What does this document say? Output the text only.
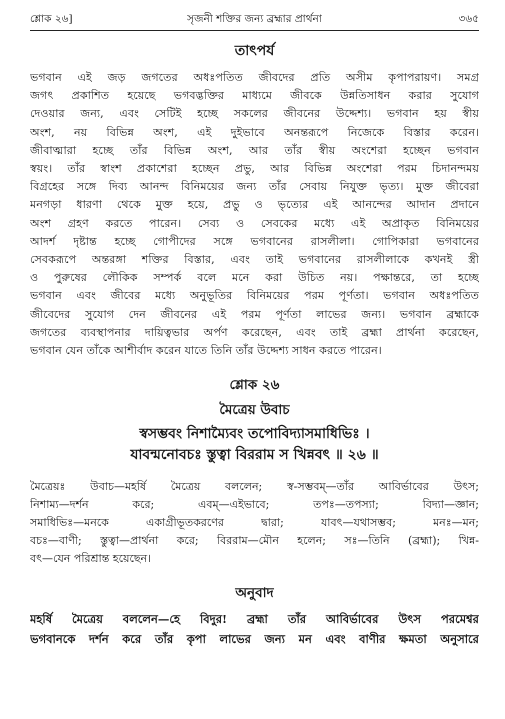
শ্লোক ২৬]	সৃজনী শক্তির জন্য ব্রহ্মার প্রার্থনা	৩৬৫
তাৎপর্য
ভগবান এই জড় জগতের অধঃপতিত জীবদের প্রতি অসীম কৃপাপরায়ণ। সমগ্র
জগৎ প্রকাশিত হয়েছে ভগবদ্ভক্তির মাধ্যমে জীবকে উন্নতিসাধন করার সুযোগ
দেওয়ার জন্য, এবং সেটিই হচ্ছে সকলের জীবনের উদ্দেশ্য। ভগবান হয় স্বীয়
অংশ, নয় বিভিন্ন অংশ, এই দুইভাবে অনন্তরূপে নিজেকে বিস্তার করেন।
জীবাত্মারা হচ্ছে তাঁর বিভিন্ন অংশ, আর তাঁর স্বীয় অংশেরা হচ্ছেন ভগবান
স্বয়ং। তাঁর স্বাংশ প্রকাশেরা হচ্ছেন প্রভু, আর বিভিন্ন অংশেরা পরম চিদানন্দময়
বিগ্রহের সঙ্গে দিব্য আনন্দ বিনিময়ের জন্য তাঁর সেবায় নিযুক্ত ভৃত্য। মুক্ত জীবেরা
মনগড়া ধারণা থেকে মুক্ত হয়ে, প্রভু ও ভৃত্যের এই আনন্দের আদান প্রদানে
অংশ গ্রহণ করতে পারেন। সেব্য ও সেবকের মধ্যে এই অপ্রাকৃত বিনিময়ের
আদর্শ দৃষ্টান্ত হচ্ছে গোপীদের সঙ্গে ভগবানের রাসলীলা। গোপিকারা ভগবানের
সেবকরূপে অন্তরঙ্গা শক্তির বিস্তার, এবং তাই ভগবানের রাসলীলাকে কখনই স্ত্রী
ও পুরুষের লৌকিক সম্পর্ক বলে মনে করা উচিত নয়। পক্ষান্তরে, তা হচ্ছে
ভগবান এবং জীবের মধ্যে অনুভূতির বিনিময়ের পরম পূর্ণতা। ভগবান অধঃপতিত
জীবেদের সুযোগ দেন জীবনের এই পরম পূর্ণতা লাভের জন্য। ভগবান ব্রহ্মাকে
জগতের ব্যবস্থাপনার দায়িত্বভার অর্পণ করেছেন, এবং তাই ব্রহ্মা প্রার্থনা করেছেন,
ভগবান যেন তাঁকে আশীর্বাদ করেন যাতে তিনি তাঁর উদ্দেশ্য সাধন করতে পারেন।
শ্লোক ২৬
মৈত্রেয় উবাচ
স্বসম্ভবং নিশাম্যৈবং তপোবিদ্যাসমাধিভিঃ ।
যাবন্মনোবচঃ স্তুত্বা বিররাম স খিন্নবৎ ॥ ২৬ ॥
মৈত্রেয়ঃ উবাচ—মহর্ষি মৈত্রেয় বললেন; স্ব-সম্ভবম্—তাঁর আবির্ভাবের উৎস;
নিশাম্য—দর্শন করে; এবম্—এইভাবে; তপঃ—তপস্যা; বিদ্যা—জ্ঞান;
সমাধিভিঃ—মনকে একাগ্রীভূতকরণের দ্বারা; যাবৎ—যথাসম্ভব; মনঃ—মন;
বচঃ—বাণী; স্তুত্বা—প্রার্থনা করে; বিররাম—মৌন হলেন; সঃ—তিনি (ব্রহ্মা); খিন্ন-
বৎ—যেন পরিশ্রান্ত হয়েছেন।
অনুবাদ
মহর্ষি মৈত্রেয় বললেন—হে বিদুর! ব্রহ্মা তাঁর আবির্ভাবের উৎস পরমেশ্বর
ভগবানকে দর্শন করে তাঁর কৃপা লাভের জন্য মন এবং বাণীর ক্ষমতা অনুসারে
